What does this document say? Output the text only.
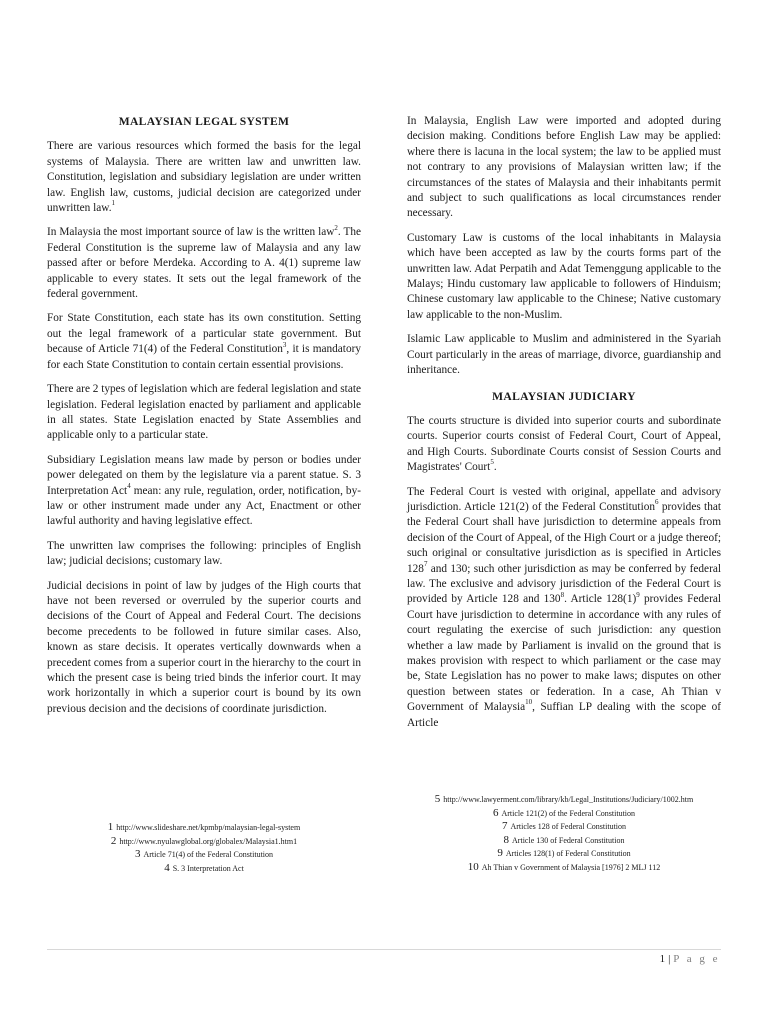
MALAYSIAN LEGAL SYSTEM

There are various resources which formed the basis for the legal systems of Malaysia. There are written law and unwritten law. Constitution, legislation and subsidiary legislation are under written law. English law, customs, judicial decision are categorized under unwritten law.$^1$

In Malaysia the most important source of law is the written law$^2$. The Federal Constitution is the supreme law of Malaysia and any law passed after or before Merdeka. According to A. 4(1) supreme law applicable to every states. It sets out the legal framework of the federal government.

For State Constitution, each state has its own constitution. Setting out the legal framework of a particular state government. But because of Article 71(4) of the Federal Constitution$^3$, it is mandatory for each State Constitution to contain certain essential provisions.

There are 2 types of legislation which are federal legislation and state legislation. Federal legislation enacted by parliament and applicable in all states. State Legislation enacted by State Assemblies and applicable only to a particular state.

Subsidiary Legislation means law made by person or bodies under power delegated on them by the legislature via a parent statue. S. 3 Interpretation Act$^4$ mean: any rule, regulation, order, notification, by-law or other instrument made under any Act, Enactment or other lawful authority and having legislative effect.

The unwritten law comprises the following: principles of English law; judicial decisions; customary law.

Judicial decisions in point of law by judges of the High courts that have not been reversed or overruled by the superior courts and decisions of the Court of Appeal and Federal Court. The decisions become precedents to be followed in future similar cases. Also, known as stare decisis. It operates vertically downwards when a precedent comes from a superior court in the hierarchy to the court in which the present case is being tried binds the inferior court. It may work horizontally in which a superior court is bound by its own previous decision and the decisions of coordinate jurisdiction.

In Malaysia, English Law were imported and adopted during decision making. Conditions before English Law may be applied: where there is lacuna in the local system; the law to be applied must not contrary to any provisions of Malaysian written law; if the circumstances of the states of Malaysia and their inhabitants permit and subject to such qualifications as local circumstances render necessary.

Customary Law is customs of the local inhabitants in Malaysia which have been accepted as law by the courts forms part of the unwritten law. Adat Perpatih and Adat Temenggung applicable to the Malays; Hindu customary law applicable to followers of Hinduism; Chinese customary law applicable to the Chinese; Native customary law applicable to the non-Muslim.

Islamic Law applicable to Muslim and administered in the Syariah Court particularly in the areas of marriage, divorce, guardianship and inheritance.

MALAYSIAN JUDICIARY

The courts structure is divided into superior courts and subordinate courts. Superior courts consist of Federal Court, Court of Appeal, and High Courts. Subordinate Courts consist of Session Courts and Magistrates' Court$^5$.

The Federal Court is vested with original, appellate and advisory jurisdiction. Article 121(2) of the Federal Constitution$^6$ provides that the Federal Court shall have jurisdiction to determine appeals from decision of the Court of Appeal, of the High Court or a judge thereof; such original or consultative jurisdiction as is specified in Articles $128^7$ and 130; such other jurisdiction as may be conferred by federal law. The exclusive and advisory jurisdiction of the Federal Court is provided by Article 128 and $130^8$. Article $128(1)^9$ provides Federal Court have jurisdiction to determine in accordance with any rules of court regulating the exercise of such jurisdiction: any question whether a law made by Parliament is invalid on the ground that is makes provision with respect to which parliament or the case may be, State Legislation has no power to make laws; disputes on other question between states or federation. In a case, Ah Thian v Government of Malaysia$^{10}$, Suffian LP dealing with the scope of Article

5 http://www.lawyerment.com/library/kb/Legal_Institutions/Judiciary/1002.htm
6 Article 121(2) of the Federal Constitution
7 Articles 128 of Federal Constitution
8 Article 130 of Federal Constitution
9 Articles 128(1) of Federal Constitution
10 Ah Thian v Government of Malaysia [1976] 2 MLJ 112
1 http://www.slideshare.net/kpmbp/malaysian-legal-system
2 http://www.nyulawglobal.org/globalex/Malaysia1.htm1
3 Article 71(4) of the Federal Constitution
4 S. 3 Interpretation Act
1 | P a g e
